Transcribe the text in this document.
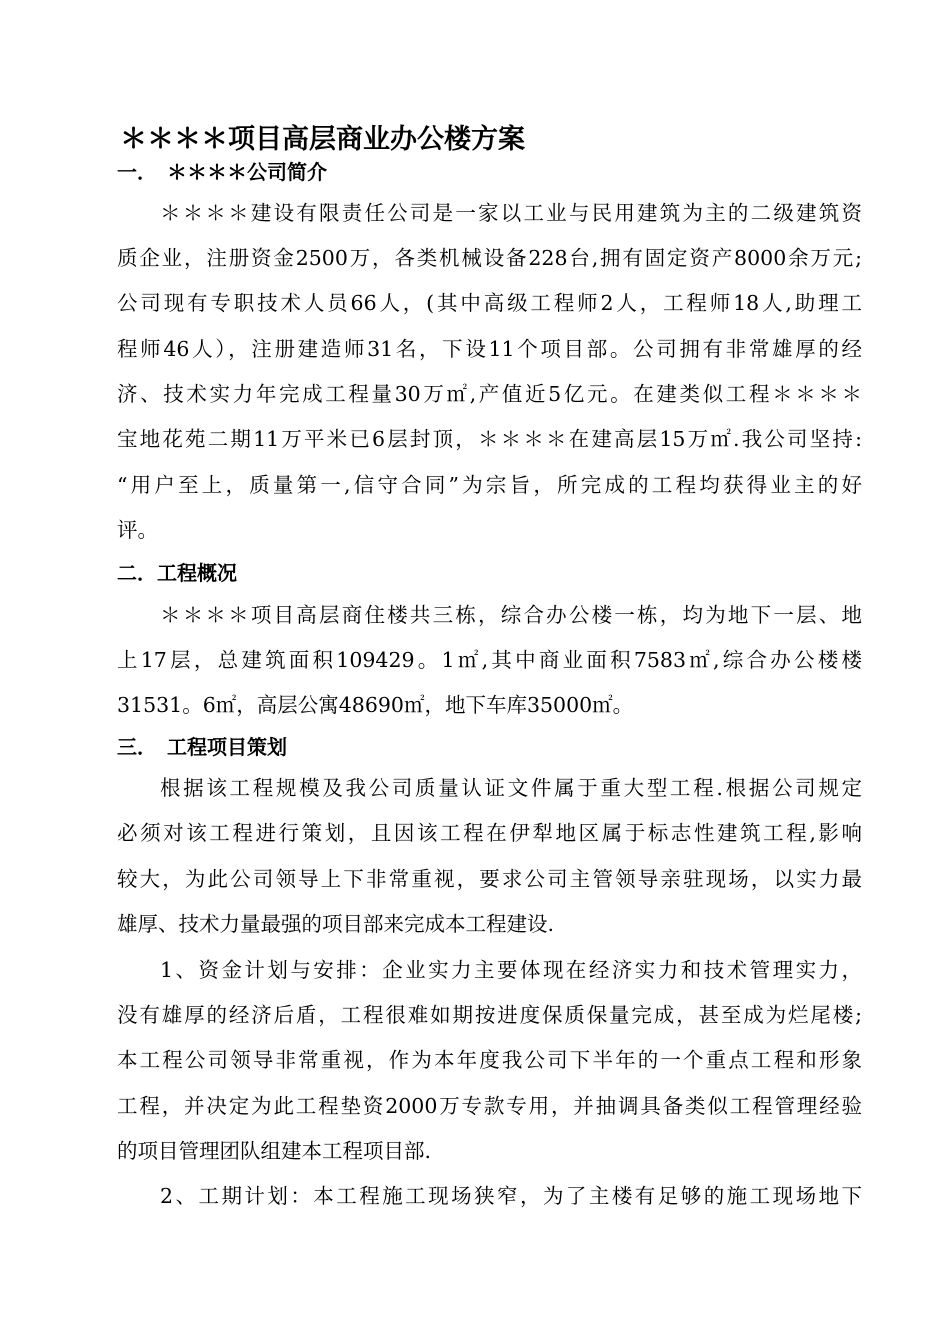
＊＊＊＊项目高层商业办公楼方案
一．　＊＊＊＊公司简介
＊＊＊＊建设有限责任公司是一家以工业与民用建筑为主的二级建筑资
质企业，注册资金2500万，各类机械设备228台,拥有固定资产8000余万元;
公司现有专职技术人员66人，(其中高级工程师2人，工程师18人,助理工
程师46人），注册建造师31名，下设11个项目部。公司拥有非常雄厚的经
济、技术实力年完成工程量30万㎡,产值近5亿元。在建类似工程＊＊＊＊
宝地花苑二期11万平米已6层封顶，＊＊＊＊在建高层15万㎡.我公司坚持:
“用户至上，质量第一,信守合同”为宗旨，所完成的工程均获得业主的好
评。
二．工程概况
＊＊＊＊项目高层商住楼共三栋，综合办公楼一栋，均为地下一层、地
上17层，总建筑面积109429。1㎡,其中商业面积7583㎡,综合办公楼楼
31531。6㎡，高层公寓48690㎡，地下车库35000㎡。
三．　工程项目策划
根据该工程规模及我公司质量认证文件属于重大型工程.根据公司规定
必须对该工程进行策划，且因该工程在伊犁地区属于标志性建筑工程,影响
较大，为此公司领导上下非常重视，要求公司主管领导亲驻现场，以实力最
雄厚、技术力量最强的项目部来完成本工程建设.
1、资金计划与安排：企业实力主要体现在经济实力和技术管理实力，
没有雄厚的经济后盾，工程很难如期按进度保质保量完成，甚至成为烂尾楼;
本工程公司领导非常重视，作为本年度我公司下半年的一个重点工程和形象
工程，并决定为此工程垫资2000万专款专用，并抽调具备类似工程管理经验
的项目管理团队组建本工程项目部.
2、工期计划：本工程施工现场狭窄，为了主楼有足够的施工现场地下
